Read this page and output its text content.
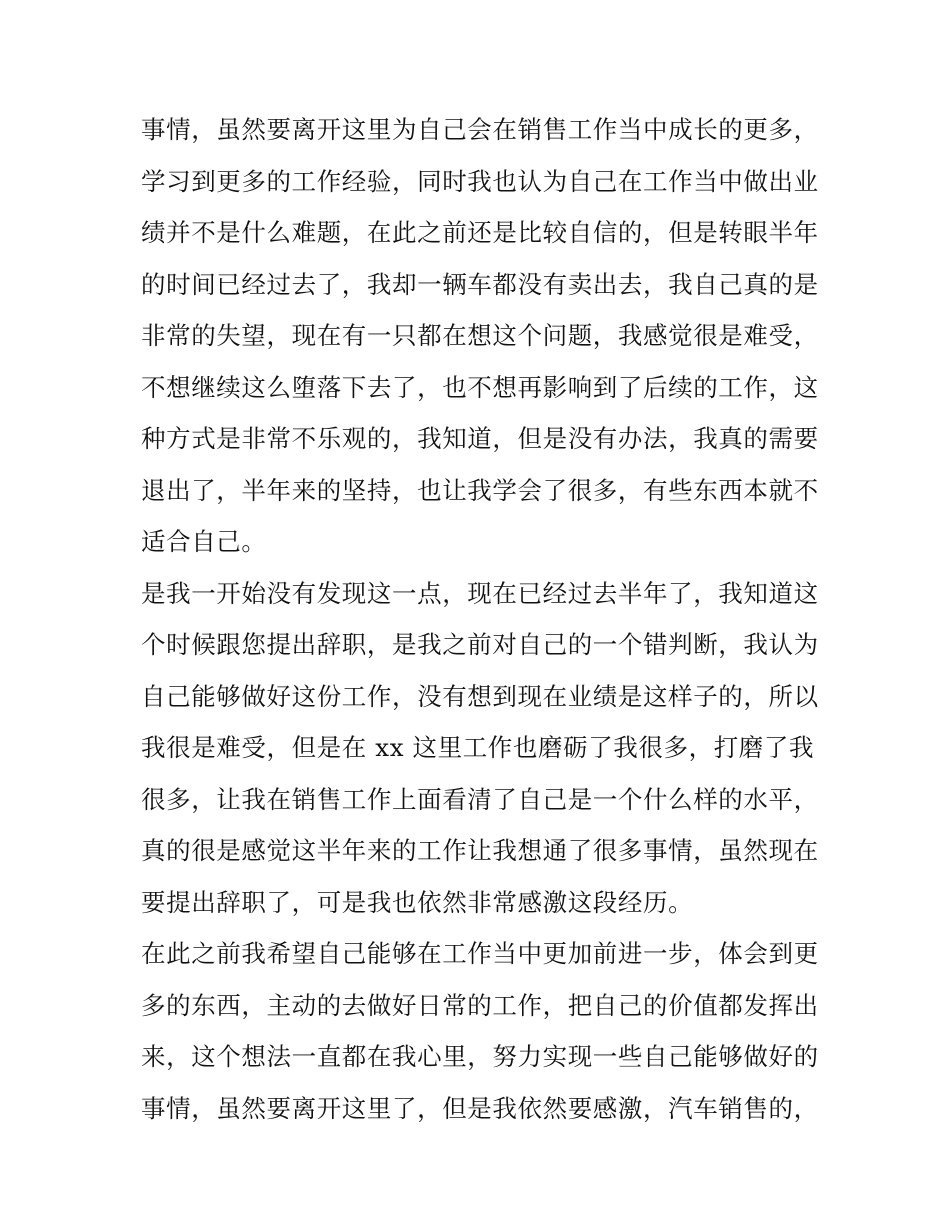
事情，虽然要离开这里为自己会在销售工作当中成长的更多，
学习到更多的工作经验，同时我也认为自己在工作当中做出业
绩并不是什么难题，在此之前还是比较自信的，但是转眼半年
的时间已经过去了，我却一辆车都没有卖出去，我自己真的是
非常的失望，现在有一只都在想这个问题，我感觉很是难受，
不想继续这么堕落下去了，也不想再影响到了后续的工作，这
种方式是非常不乐观的，我知道，但是没有办法，我真的需要
退出了，半年来的坚持，也让我学会了很多，有些东西本就不
适合自己。
是我一开始没有发现这一点，现在已经过去半年了，我知道这
个时候跟您提出辞职，是我之前对自己的一个错判断，我认为
自己能够做好这份工作，没有想到现在业绩是这样子的，所以
我很是难受，但是在 xx 这里工作也磨砺了我很多，打磨了我
很多，让我在销售工作上面看清了自己是一个什么样的水平，
真的很是感觉这半年来的工作让我想通了很多事情，虽然现在
要提出辞职了，可是我也依然非常感激这段经历。
在此之前我希望自己能够在工作当中更加前进一步，体会到更
多的东西，主动的去做好日常的工作，把自己的价值都发挥出
来，这个想法一直都在我心里，努力实现一些自己能够做好的
事情，虽然要离开这里了，但是我依然要感激，汽车销售的，
